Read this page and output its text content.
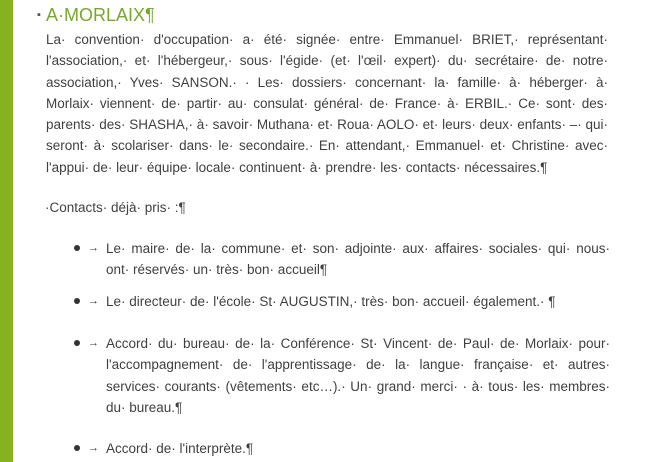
▪ A·MORLAIX¶

La· convention· d'occupation· a· été· signée· entre· Emmanuel· BRIET,· représentant· l'association,· et· l'hébergeur,· sous· l'égide· (et· l'œil· expert)· du· secrétaire· de· notre· association,· Yves· SANSON.· · Les· dossiers· concernant· la· famille· à· héberger· à· Morlaix· viennent· de· partir· au· consulat· général· de· France· à· ERBIL.· Ce· sont· des· parents· des· SHASHA,· à· savoir· Muthana· et· Roua· AOLO· et· leurs· deux· enfants· –· qui· seront· à· scolariser· dans· le· secondaire.· En· attendant,· Emmanuel· et· Christine· avec· l'appui· de· leur· équipe· locale· continuent· à· prendre· les· contacts· nécessaires.¶

·Contacts· déjà· pris· :¶

→ Le· maire· de· la· commune· et· son· adjointe· aux· affaires· sociales· qui· nous· ont· réservés· un· très· bon· accueil¶

→ Le· directeur· de· l'école· St· AUGUSTIN,· très· bon· accueil· également.· ¶

→ Accord· du· bureau· de· la· Conférence· St· Vincent· de· Paul· de· Morlaix· pour· l'accompagnement· de· l'apprentissage· de· la· langue· française· et· autres· services· courants· (vêtements· etc…).· Un· grand· merci· · à· tous· les· membres· du· bureau.¶

→ Accord· de· l'interprète.¶
